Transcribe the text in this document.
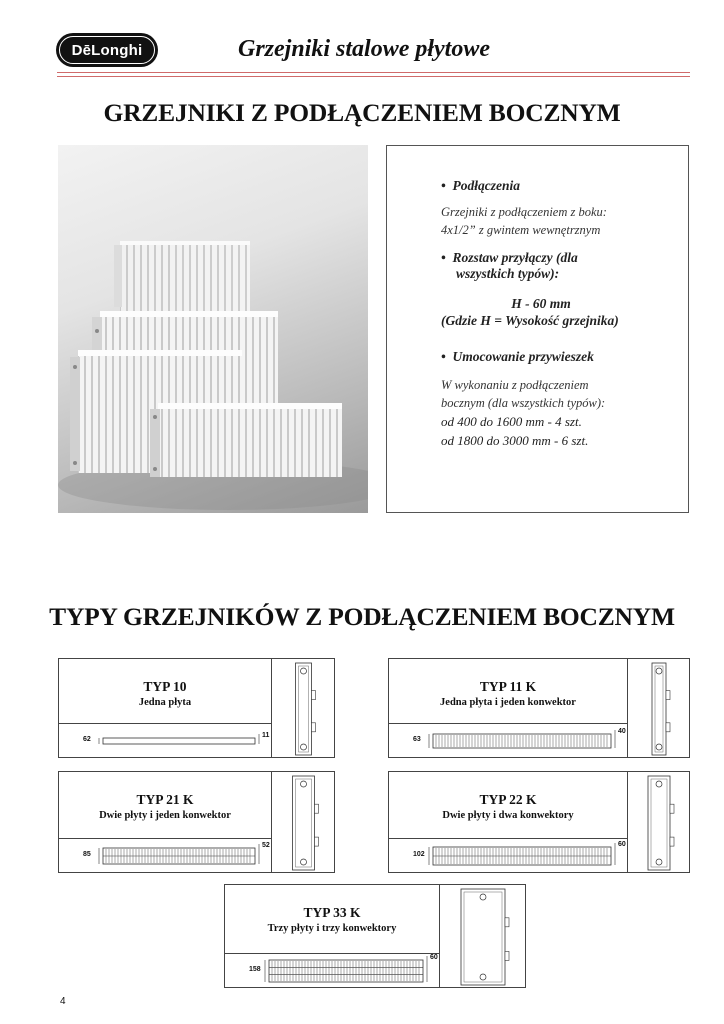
DēLonghi	Grzejniki stalowe płytowe
GRZEJNIKI Z PODŁĄCZENIEM BOCZNYM
•  Podłączenia
Grzejniki z podłączeniem z boku:
4x1/2” z gwintem wewnętrznym
•  Rozstaw przyłączy (dla
wszystkich typów):
H - 60 mm
(Gdzie H = Wysokość grzejnika)
•  Umocowanie przywieszek
W wykonaniu z podłączeniem
bocznym (dla wszystkich typów):
od 400 do 1600 mm - 4 szt.
od 1800 do 3000 mm - 6 szt.
TYPY GRZEJNIKÓW Z PODŁĄCZENIEM BOCZNYM
TYP 10
Jedna płyta
62
11
TYP 11 K
Jedna płyta i jeden konwektor
63
40
TYP 21 K
Dwie płyty i jeden konwektor
85
52
TYP 22 K
Dwie płyty i dwa konwektory
102
60
TYP 33 K
Trzy płyty i trzy konwektory
158
60
4
